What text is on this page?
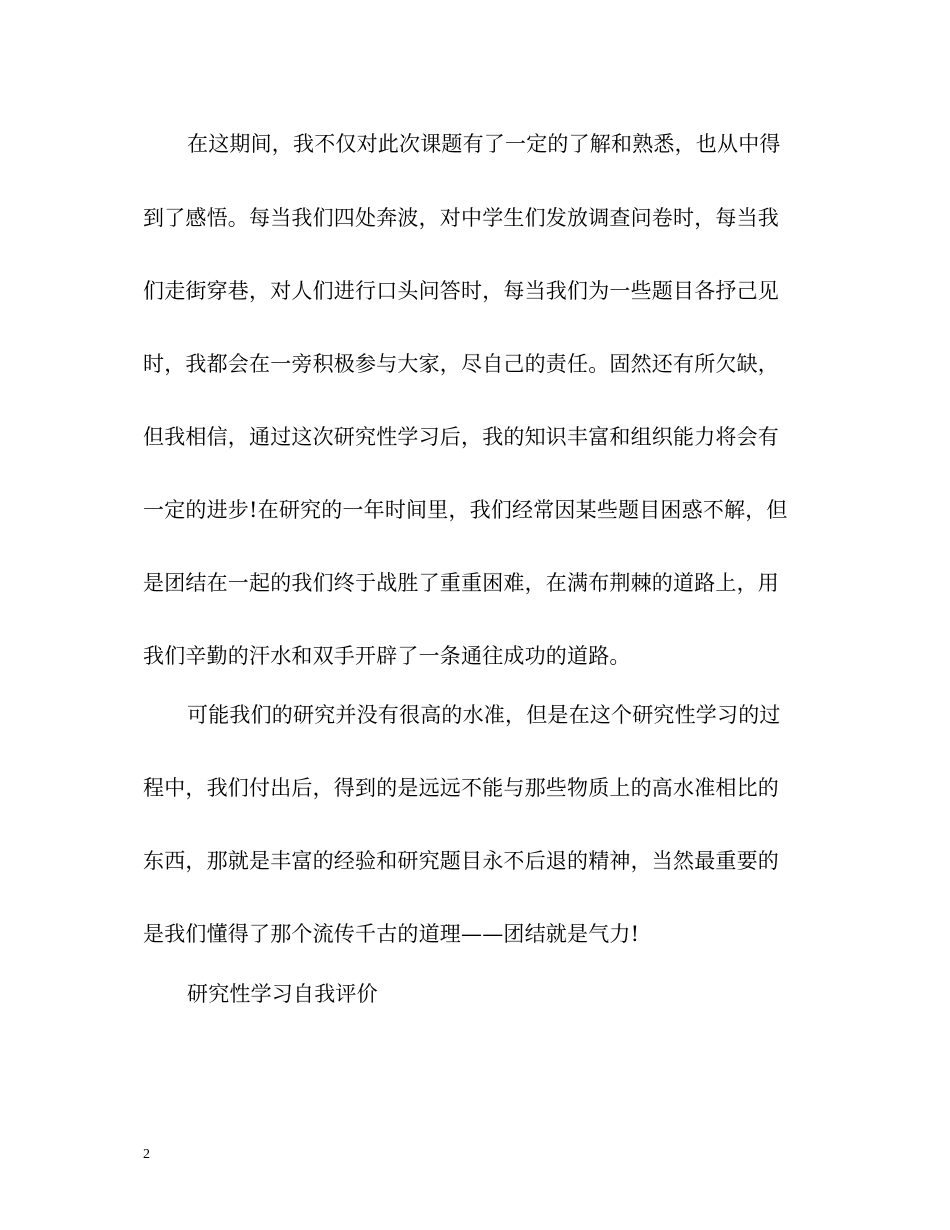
在这期间，我不仅对此次课题有了一定的了解和熟悉，也从中得
到了感悟。每当我们四处奔波，对中学生们发放调查问卷时，每当我
们走街穿巷，对人们进行口头问答时，每当我们为一些题目各抒己见
时，我都会在一旁积极参与大家，尽自己的责任。固然还有所欠缺，
但我相信，通过这次研究性学习后，我的知识丰富和组织能力将会有
一定的进步!在研究的一年时间里，我们经常因某些题目困惑不解，但
是团结在一起的我们终于战胜了重重困难，在满布荆棘的道路上，用
我们辛勤的汗水和双手开辟了一条通往成功的道路。
可能我们的研究并没有很高的水准，但是在这个研究性学习的过
程中，我们付出后，得到的是远远不能与那些物质上的高水准相比的
东西，那就是丰富的经验和研究题目永不后退的精神，当然最重要的
是我们懂得了那个流传千古的道理——团结就是气力!
研究性学习自我评价
2
